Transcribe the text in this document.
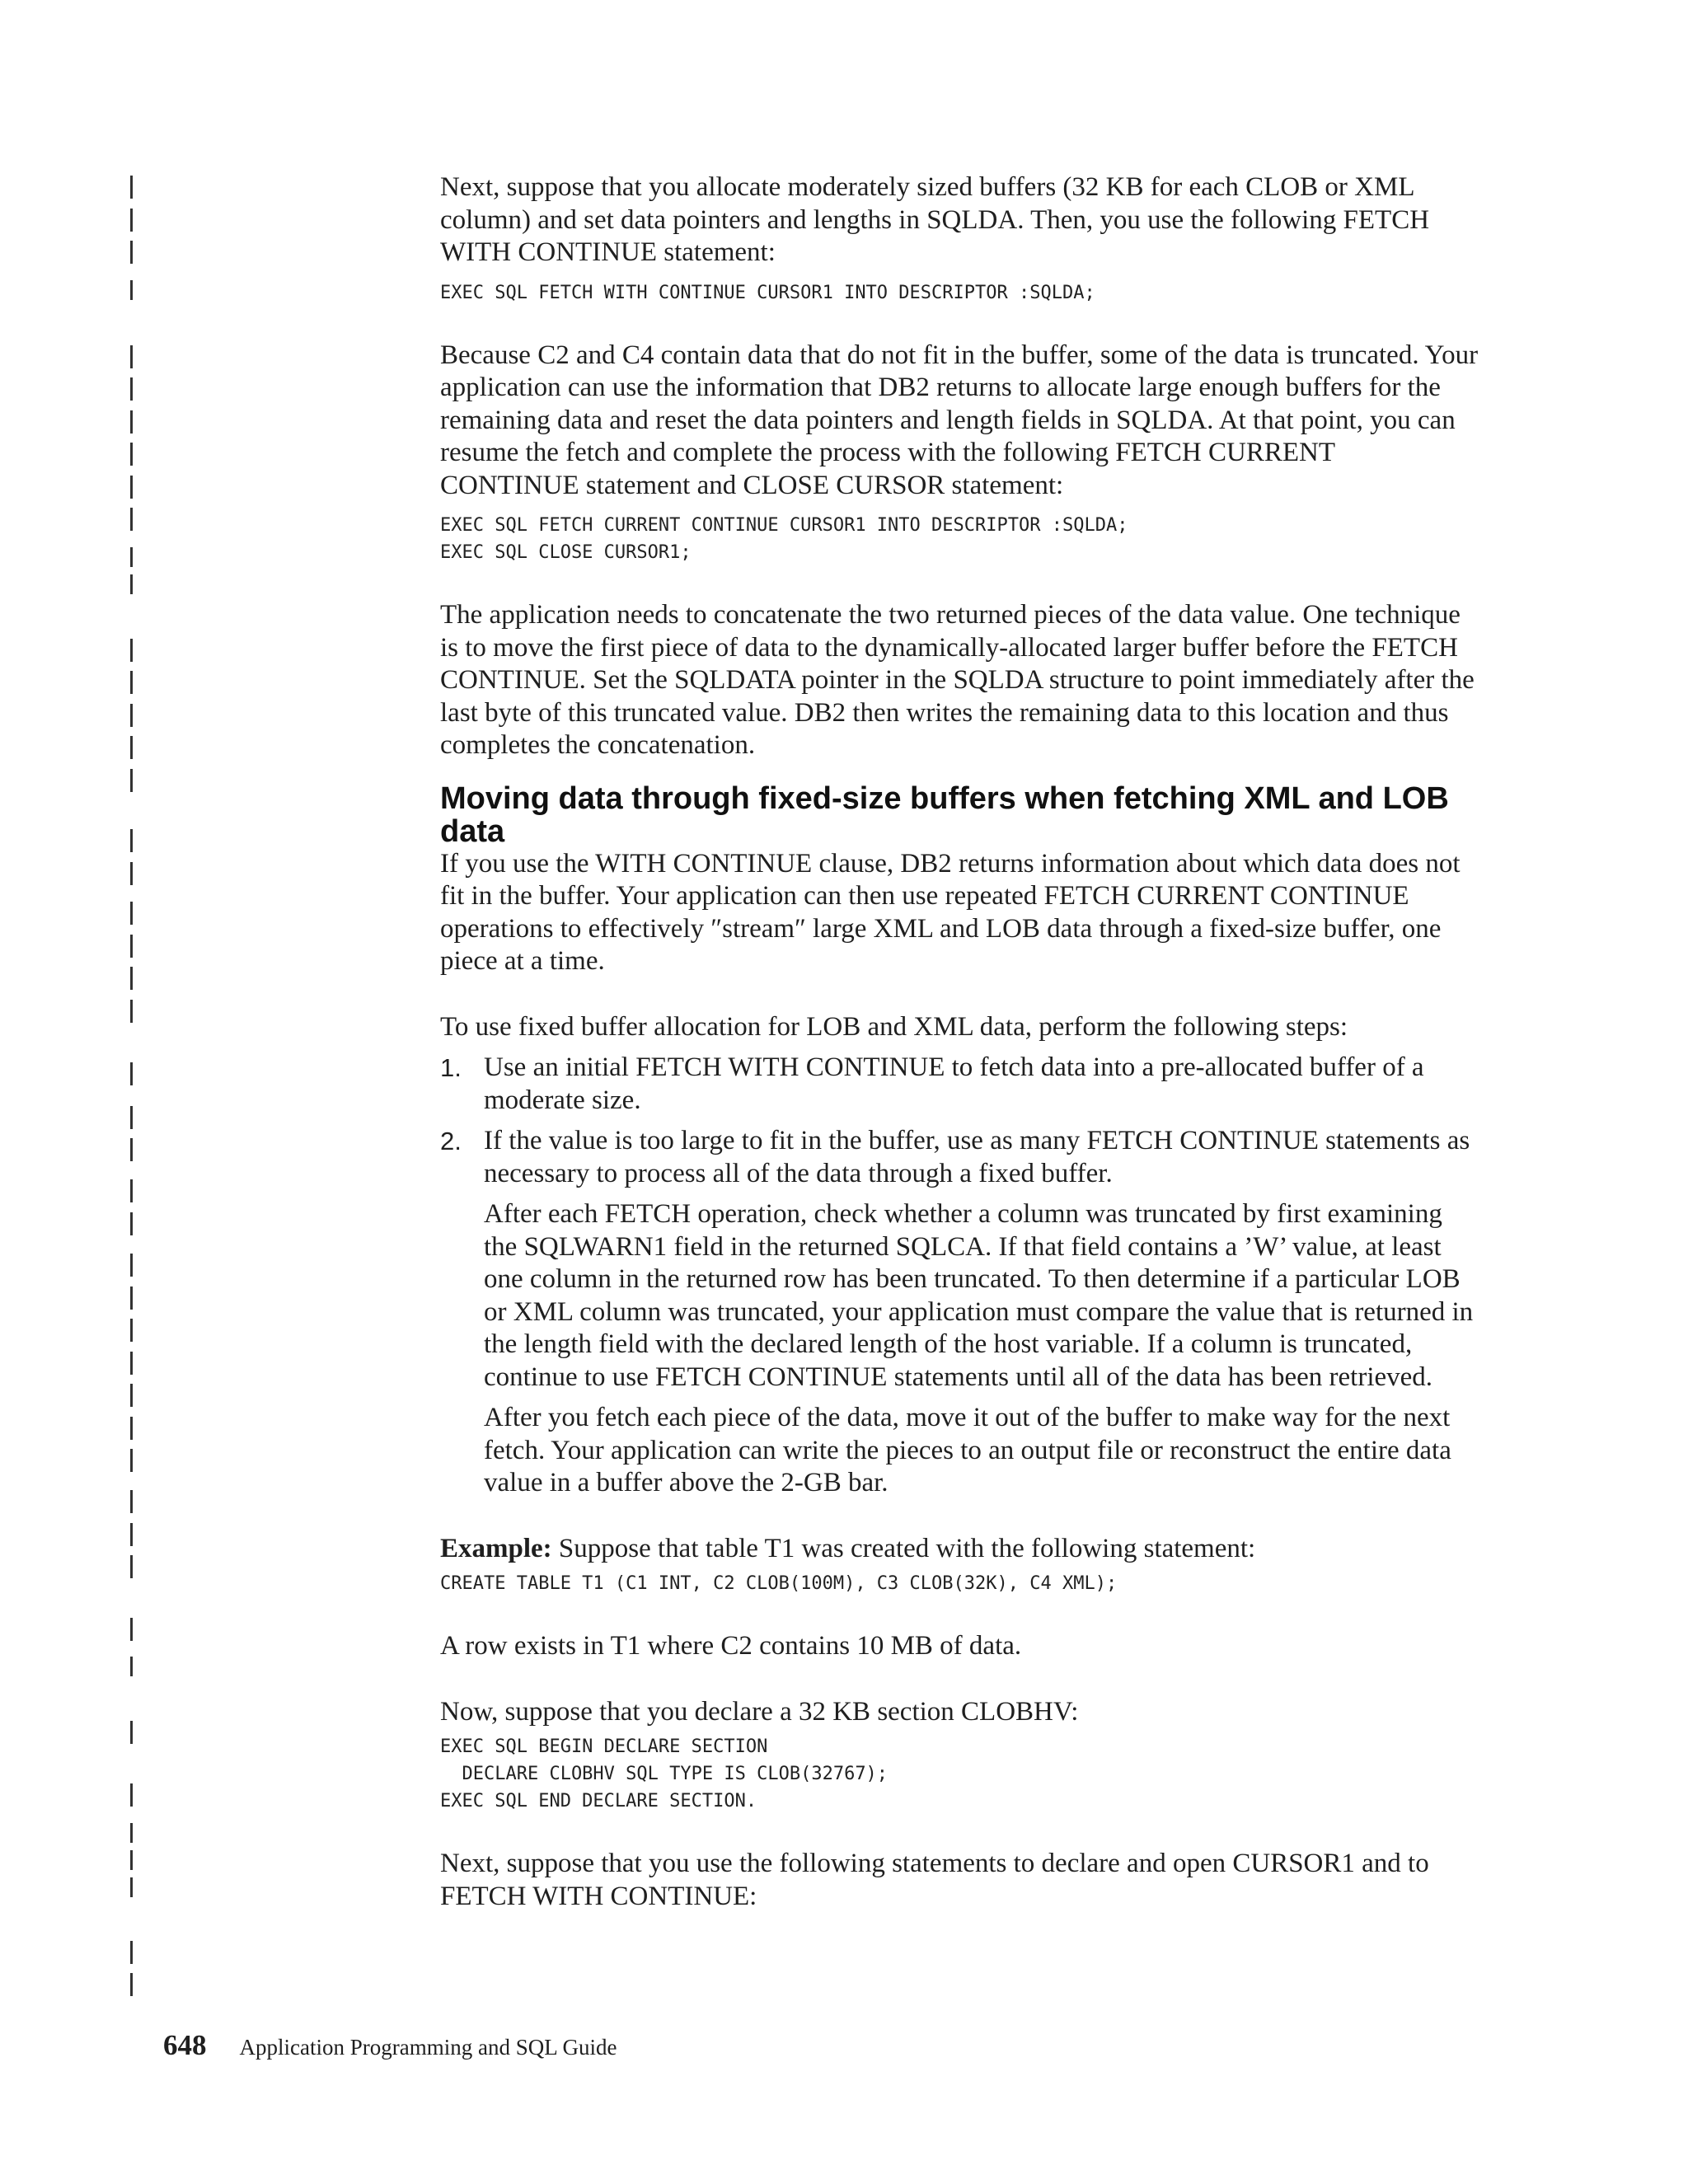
Next, suppose that you allocate moderately sized buffers (32 KB for each CLOB or XML column) and set data pointers and lengths in SQLDA. Then, you use the following FETCH WITH CONTINUE statement:

EXEC SQL FETCH WITH CONTINUE CURSOR1 INTO DESCRIPTOR :SQLDA;

Because C2 and C4 contain data that do not fit in the buffer, some of the data is truncated. Your application can use the information that DB2 returns to allocate large enough buffers for the remaining data and reset the data pointers and length fields in SQLDA. At that point, you can resume the fetch and complete the process with the following FETCH CURRENT CONTINUE statement and CLOSE CURSOR statement:

EXEC SQL FETCH CURRENT CONTINUE CURSOR1 INTO DESCRIPTOR :SQLDA;
EXEC SQL CLOSE CURSOR1;

The application needs to concatenate the two returned pieces of the data value. One technique is to move the first piece of data to the dynamically-allocated larger buffer before the FETCH CONTINUE. Set the SQLDATA pointer in the SQLDA structure to point immediately after the last byte of this truncated value. DB2 then writes the remaining data to this location and thus completes the concatenation.

Moving data through fixed-size buffers when fetching XML and LOB data

If you use the WITH CONTINUE clause, DB2 returns information about which data does not fit in the buffer. Your application can then use repeated FETCH CURRENT CONTINUE operations to effectively ″stream″ large XML and LOB data through a fixed-size buffer, one piece at a time.

To use fixed buffer allocation for LOB and XML data, perform the following steps:

1. Use an initial FETCH WITH CONTINUE to fetch data into a pre-allocated buffer of a moderate size.
2. If the value is too large to fit in the buffer, use as many FETCH CONTINUE statements as necessary to process all of the data through a fixed buffer.

After each FETCH operation, check whether a column was truncated by first examining the SQLWARN1 field in the returned SQLCA. If that field contains a ’W’ value, at least one column in the returned row has been truncated. To then determine if a particular LOB or XML column was truncated, your application must compare the value that is returned in the length field with the declared length of the host variable. If a column is truncated, continue to use FETCH CONTINUE statements until all of the data has been retrieved.

After you fetch each piece of the data, move it out of the buffer to make way for the next fetch. Your application can write the pieces to an output file or reconstruct the entire data value in a buffer above the 2-GB bar.

Example: Suppose that table T1 was created with the following statement:

CREATE TABLE T1 (C1 INT, C2 CLOB(100M), C3 CLOB(32K), C4 XML);

A row exists in T1 where C2 contains 10 MB of data.

Now, suppose that you declare a 32 KB section CLOBHV:

EXEC SQL BEGIN DECLARE SECTION
DECLARE CLOBHV SQL TYPE IS CLOB(32767);
EXEC SQL END DECLARE SECTION.

Next, suppose that you use the following statements to declare and open CURSOR1 and to FETCH WITH CONTINUE:

648 Application Programming and SQL Guide
